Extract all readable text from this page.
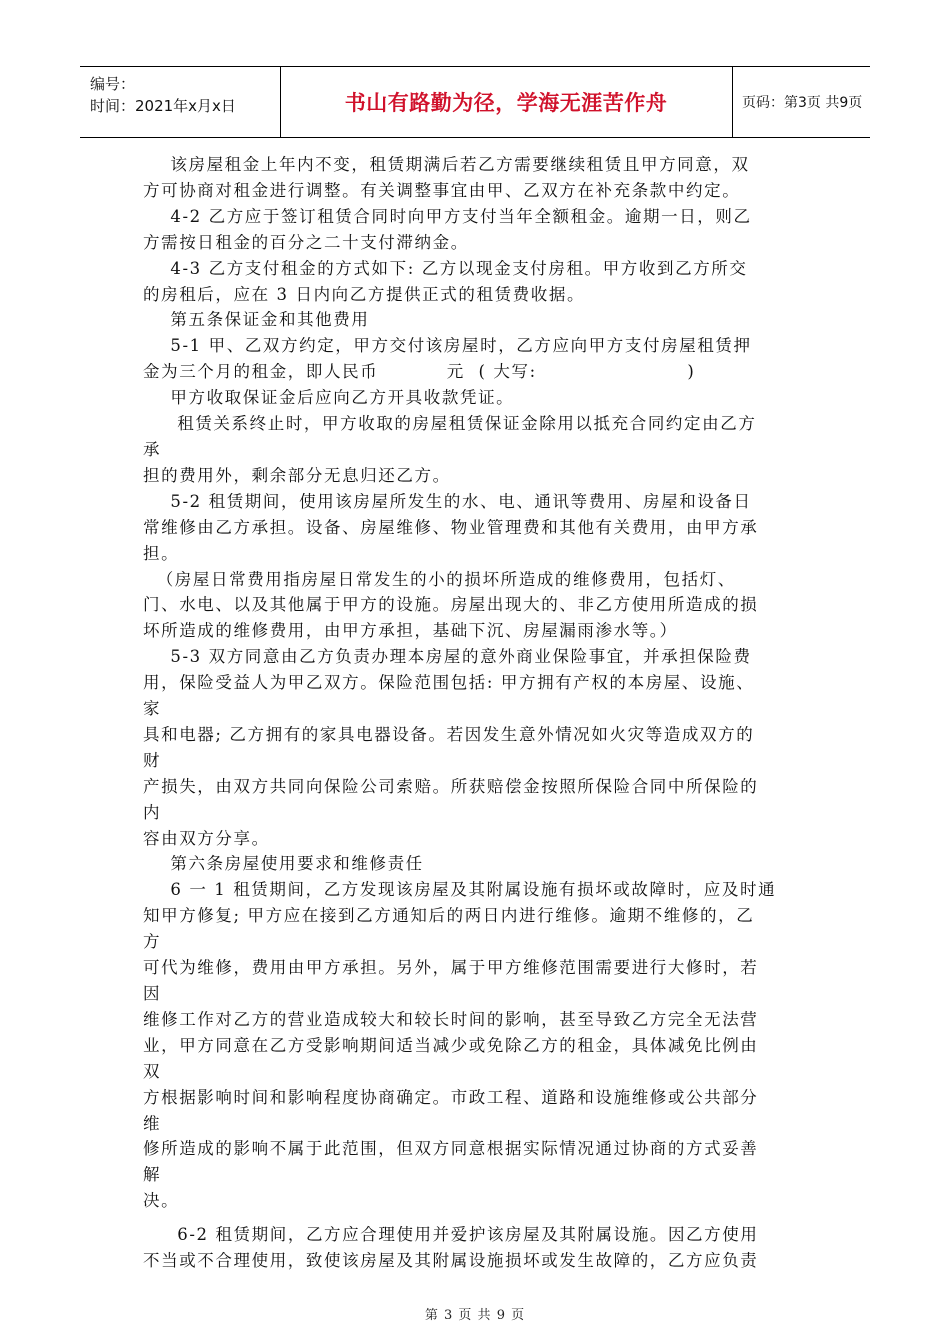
编号：
时间：2021年x月x日	书山有路勤为径，学海无涯苦作舟	页码：第3页 共9页

该房屋租金上年内不变，租赁期满后若乙方需要继续租赁且甲方同意，双

方可协商对租金进行调整。有关调整事宜由甲、乙双方在补充条款中约定。

4-2 乙方应于签订租赁合同时向甲方支付当年全额租金。逾期一日，则乙

方需按日租金的百分之二十支付滞纳金。

4-3 乙方支付租金的方式如下: 乙方以现金支付房租。甲方收到乙方所交

的房租后，应在 3 日内向乙方提供正式的租赁费收据。

第五条保证金和其他费用

5-1 甲、乙双方约定，甲方交付该房屋时，乙方应向甲方支付房屋租赁押

金为三个月的租金，即人民币          元  ( 大写:                      )

甲方收取保证金后应向乙方开具收款凭证。

租赁关系终止时，甲方收取的房屋租赁保证金除用以抵充合同约定由乙方

承

担的费用外，剩余部分无息归还乙方。

5-2 租赁期间，使用该房屋所发生的水、电、通讯等费用、房屋和设备日

常维修由乙方承担。设备、房屋维修、物业管理费和其他有关费用，由甲方承

担。

（房屋日常费用指房屋日常发生的小的损坏所造成的维修费用，包括灯、

门、水电、以及其他属于甲方的设施。房屋出现大的、非乙方使用所造成的损

坏所造成的维修费用，由甲方承担，基础下沉、房屋漏雨渗水等。）

5-3 双方同意由乙方负责办理本房屋的意外商业保险事宜，并承担保险费

用，保险受益人为甲乙双方。保险范围包括: 甲方拥有产权的本房屋、设施、

家

具和电器; 乙方拥有的家具电器设备。若因发生意外情况如火灾等造成双方的

财

产损失，由双方共同向保险公司索赔。所获赔偿金按照所保险合同中所保险的

内

容由双方分享。

第六条房屋使用要求和维修责任

6 一 1 租赁期间，乙方发现该房屋及其附属设施有损坏或故障时，应及时通

知甲方修复; 甲方应在接到乙方通知后的两日内进行维修。逾期不维修的，乙

方

可代为维修，费用由甲方承担。另外，属于甲方维修范围需要进行大修时，若

因

维修工作对乙方的营业造成较大和较长时间的影响，甚至导致乙方完全无法营

业，甲方同意在乙方受影响期间适当减少或免除乙方的租金，具体减免比例由

双

方根据影响时间和影响程度协商确定。市政工程、道路和设施维修或公共部分

维

修所造成的影响不属于此范围，但双方同意根据实际情况通过协商的方式妥善

解

决。

6-2 租赁期间，乙方应合理使用并爱护该房屋及其附属设施。因乙方使用

不当或不合理使用，致使该房屋及其附属设施损坏或发生故障的，乙方应负责

第 3 页 共 9 页
